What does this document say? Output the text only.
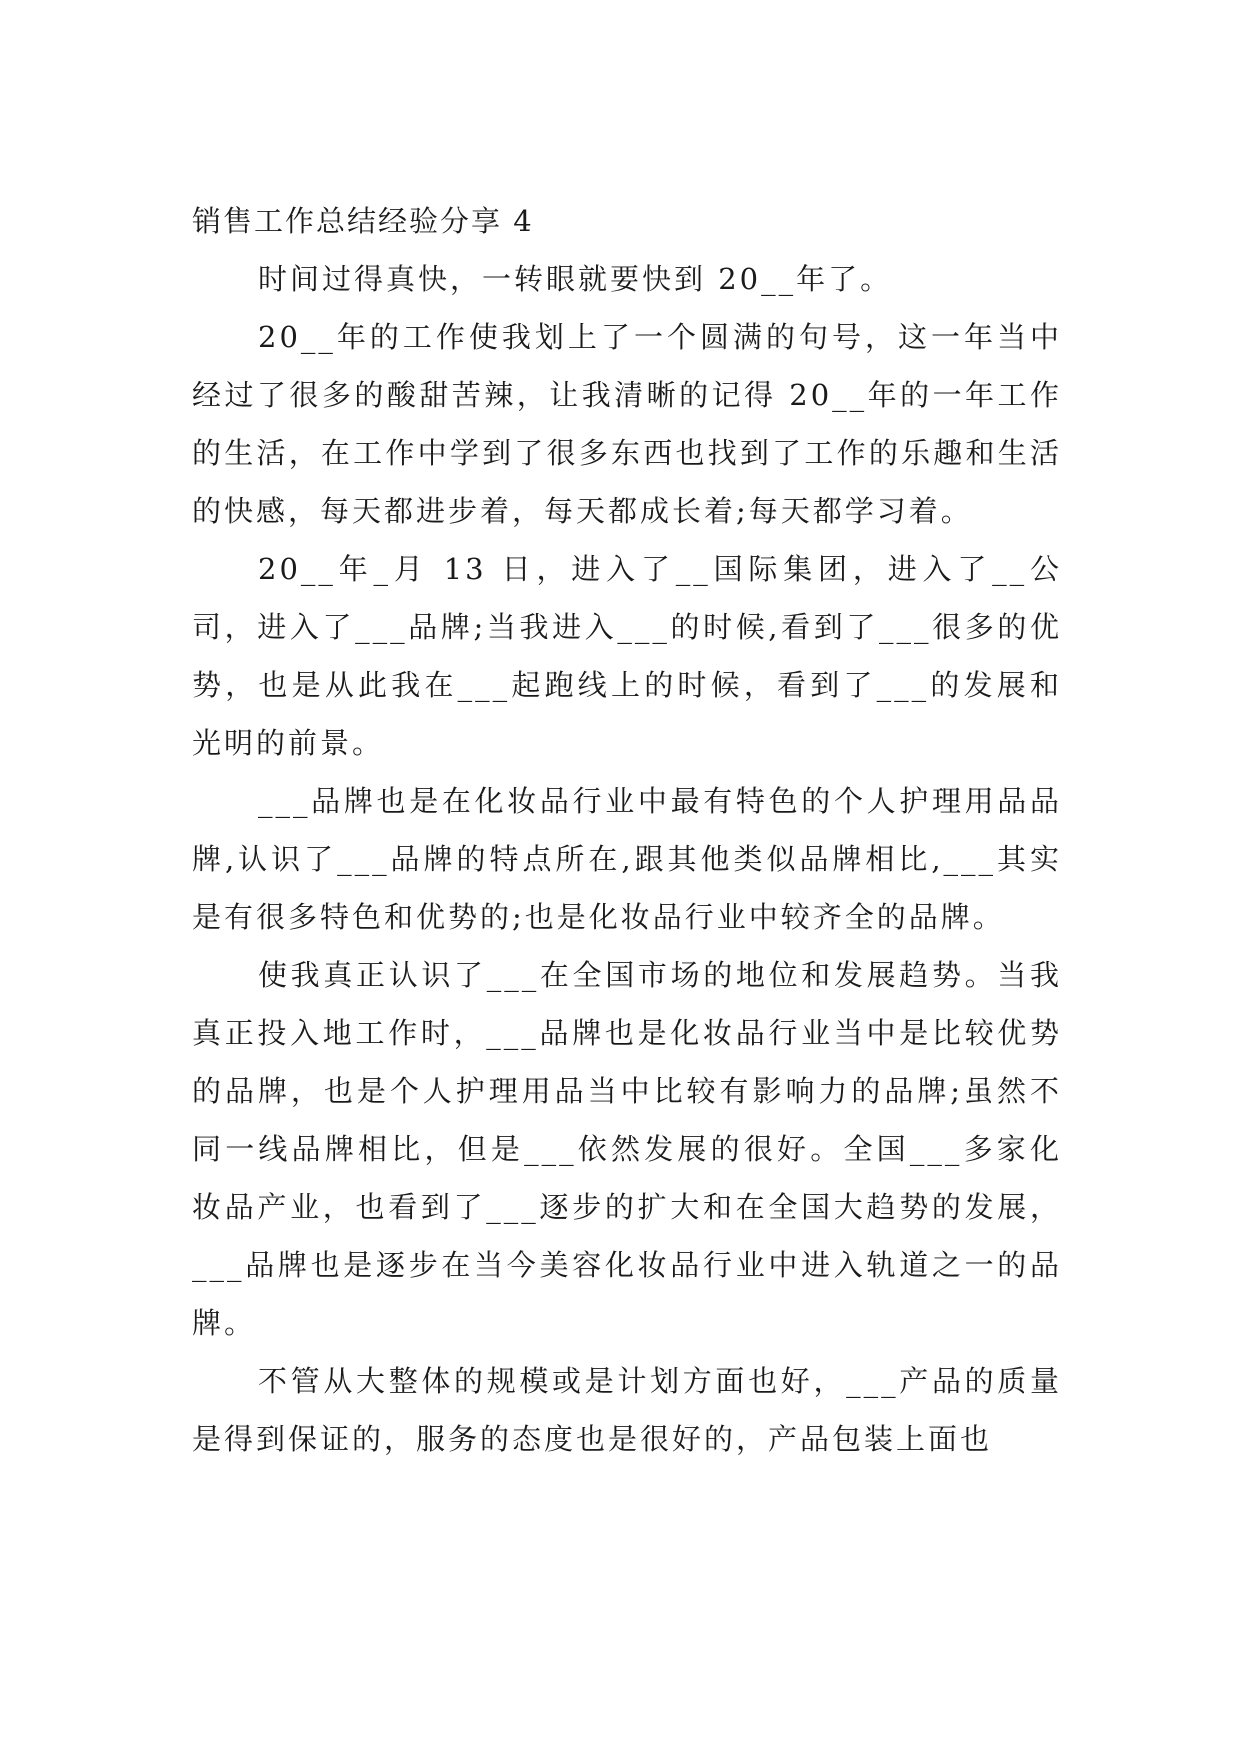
销售工作总结经验分享 4

时间过得真快，一转眼就要快到 20__年了。

20__年的工作使我划上了一个圆满的句号，这一年当中经过了很多的酸甜苦辣，让我清晰的记得 20__年的一年工作的生活，在工作中学到了很多东西也找到了工作的乐趣和生活的快感，每天都进步着，每天都成长着;每天都学习着。

20__年_月 13 日，进入了__国际集团，进入了__公司，进入了___品牌;当我进入___的时候,看到了___很多的优势，也是从此我在___起跑线上的时候，看到了___的发展和光明的前景。

___品牌也是在化妆品行业中最有特色的个人护理用品品牌,认识了___品牌的特点所在,跟其他类似品牌相比,___其实是有很多特色和优势的;也是化妆品行业中较齐全的品牌。

使我真正认识了___在全国市场的地位和发展趋势。当我真正投入地工作时，___品牌也是化妆品行业当中是比较优势的品牌，也是个人护理用品当中比较有影响力的品牌;虽然不同一线品牌相比，但是___依然发展的很好。全国___多家化妆品产业，也看到了___逐步的扩大和在全国大趋势的发展，___品牌也是逐步在当今美容化妆品行业中进入轨道之一的品牌。

不管从大整体的规模或是计划方面也好，___产品的质量是得到保证的，服务的态度也是很好的，产品包装上面也
